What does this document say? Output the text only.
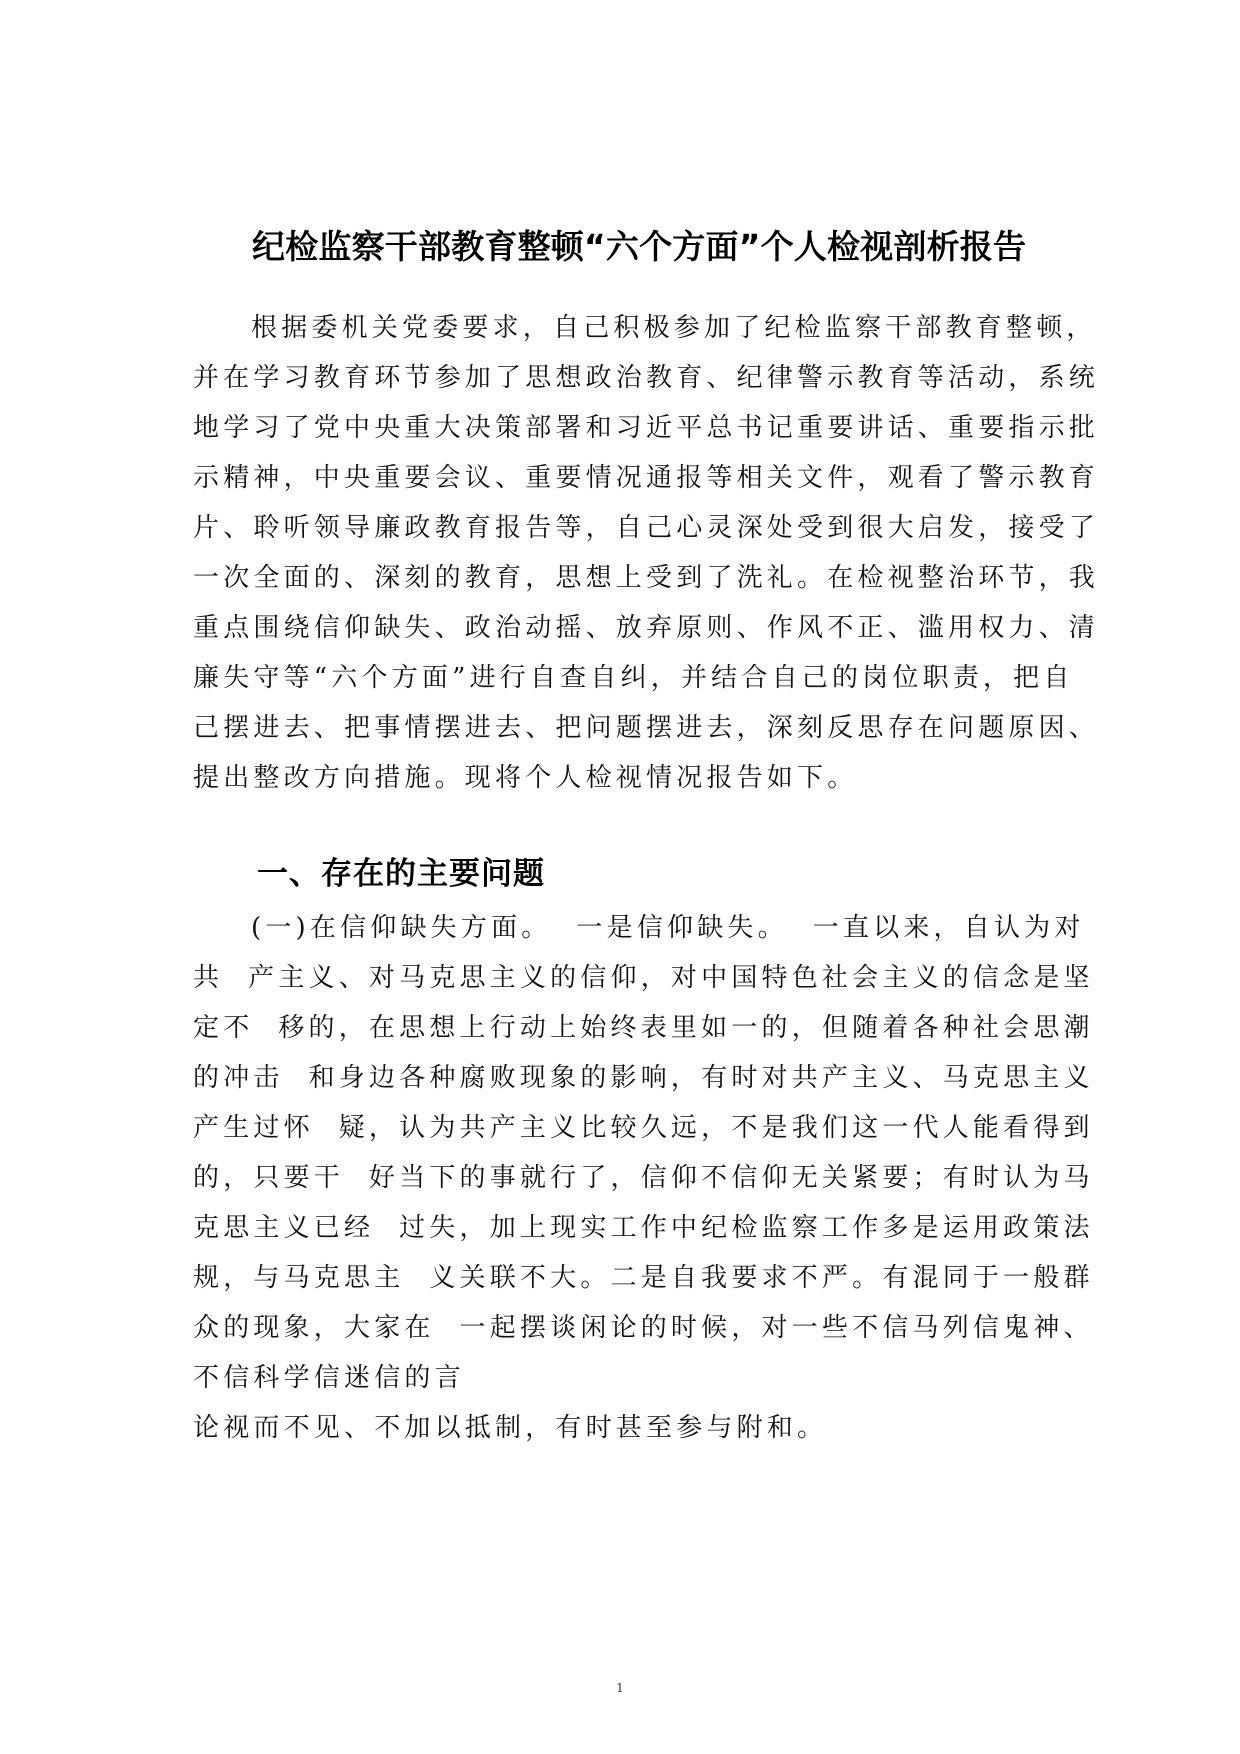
纪检监察干部教育整顿“六个方面”个人检视剖析报告
根据委机关党委要求，自己积极参加了纪检监察干部教育整顿，
并在学习教育环节参加了思想政治教育、纪律警示教育等活动，系统
地学习了党中央重大决策部署和习近平总书记重要讲话、重要指示批
示精神，中央重要会议、重要情况通报等相关文件，观看了警示教育
片、聆听领导廉政教育报告等，自己心灵深处受到很大启发，接受了
一次全面的、深刻的教育，思想上受到了洗礼。在检视整治环节，我
重点围绕信仰缺失、政治动摇、放弃原则、作风不正、滥用权力、清
廉失守等“六个方面”进行自查自纠，并结合自己的岗位职责，把自
己摆进去、把事情摆进去、把问题摆进去，深刻反思存在问题原因、
提出整改方向措施。现将个人检视情况报告如下。
一、存在的主要问题
(一)在信仰缺失方面。  一是信仰缺失。  一直以来，自认为对
共  产主义、对马克思主义的信仰，对中国特色社会主义的信念是坚
定不  移的，在思想上行动上始终表里如一的，但随着各种社会思潮
的冲击  和身边各种腐败现象的影响，有时对共产主义、马克思主义
产生过怀  疑，认为共产主义比较久远，不是我们这一代人能看得到
的，只要干  好当下的事就行了，信仰不信仰无关紧要；有时认为马
克思主义已经  过失，加上现实工作中纪检监察工作多是运用政策法
规，与马克思主  义关联不大。二是自我要求不严。有混同于一般群
众的现象，大家在  一起摆谈闲论的时候，对一些不信马列信鬼神、
不信科学信迷信的言
论视而不见、不加以抵制，有时甚至参与附和。
1
